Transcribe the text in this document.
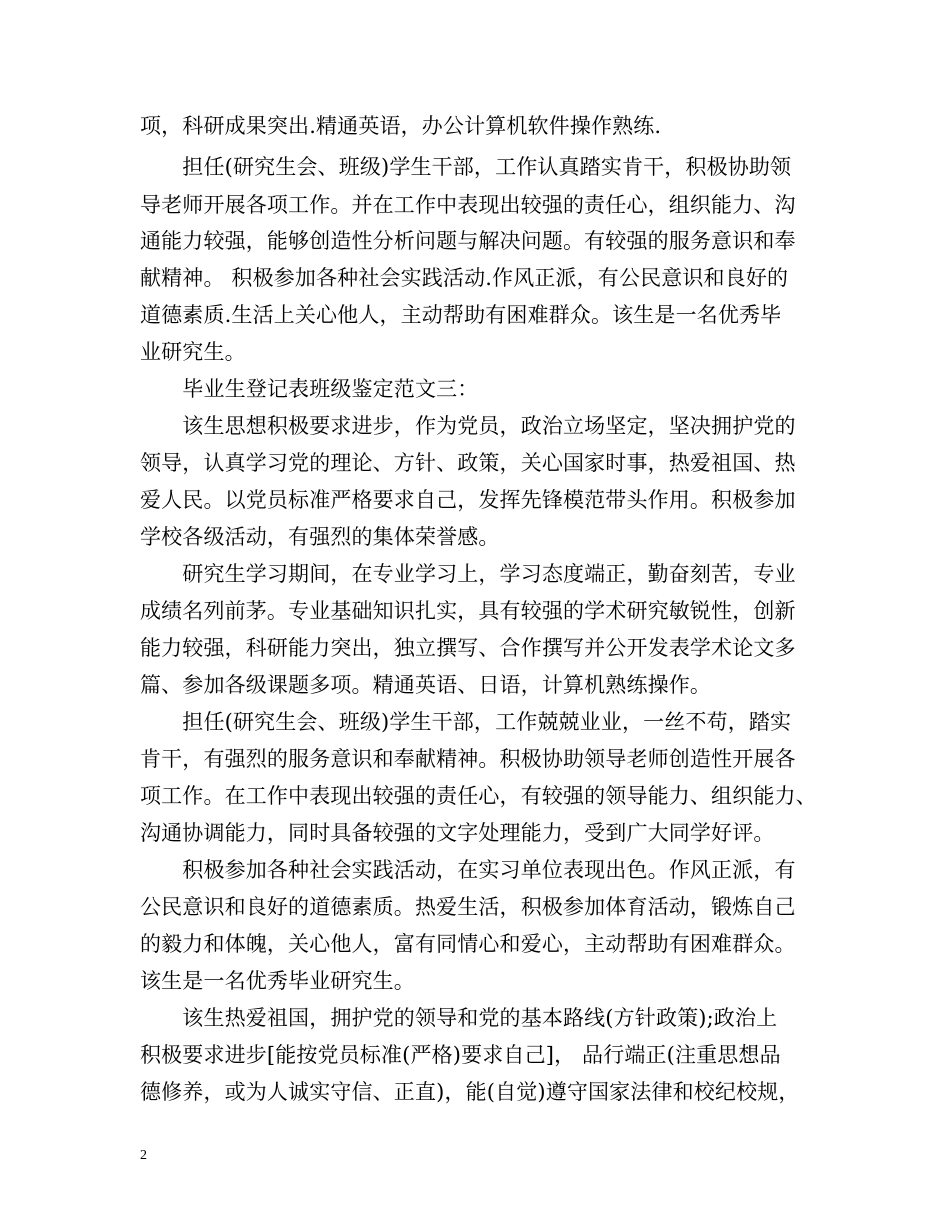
项，科研成果突出.精通英语，办公计算机软件操作熟练.
　　担任(研究生会、班级)学生干部，工作认真踏实肯干，积极协助领
导老师开展各项工作。并在工作中表现出较强的责任心，组织能力、沟
通能力较强，能够创造性分析问题与解决问题。有较强的服务意识和奉
献精神。 积极参加各种社会实践活动.作风正派，有公民意识和良好的
道德素质.生活上关心他人，主动帮助有困难群众。该生是一名优秀毕
业研究生。
　　毕业生登记表班级鉴定范文三：
　　该生思想积极要求进步，作为党员，政治立场坚定，坚决拥护党的
领导，认真学习党的理论、方针、政策，关心国家时事，热爱祖国、热
爱人民。以党员标准严格要求自己，发挥先锋模范带头作用。积极参加
学校各级活动，有强烈的集体荣誉感。
　　研究生学习期间，在专业学习上，学习态度端正，勤奋刻苦，专业
成绩名列前茅。专业基础知识扎实，具有较强的学术研究敏锐性，创新
能力较强，科研能力突出，独立撰写、合作撰写并公开发表学术论文多
篇、参加各级课题多项。精通英语、日语，计算机熟练操作。
　　担任(研究生会、班级)学生干部，工作兢兢业业，一丝不苟，踏实
肯干，有强烈的服务意识和奉献精神。积极协助领导老师创造性开展各
项工作。在工作中表现出较强的责任心，有较强的领导能力、组织能力、
沟通协调能力，同时具备较强的文字处理能力，受到广大同学好评。
　　积极参加各种社会实践活动，在实习单位表现出色。作风正派，有
公民意识和良好的道德素质。热爱生活，积极参加体育活动，锻炼自己
的毅力和体魄，关心他人，富有同情心和爱心，主动帮助有困难群众。
该生是一名优秀毕业研究生。
　　该生热爱祖国，拥护党的领导和党的基本路线(方针政策);政治上
积极要求进步[能按党员标准(严格)要求自己]， 品行端正(注重思想品
德修养，或为人诚实守信、正直)，能(自觉)遵守国家法律和校纪校规，
2
